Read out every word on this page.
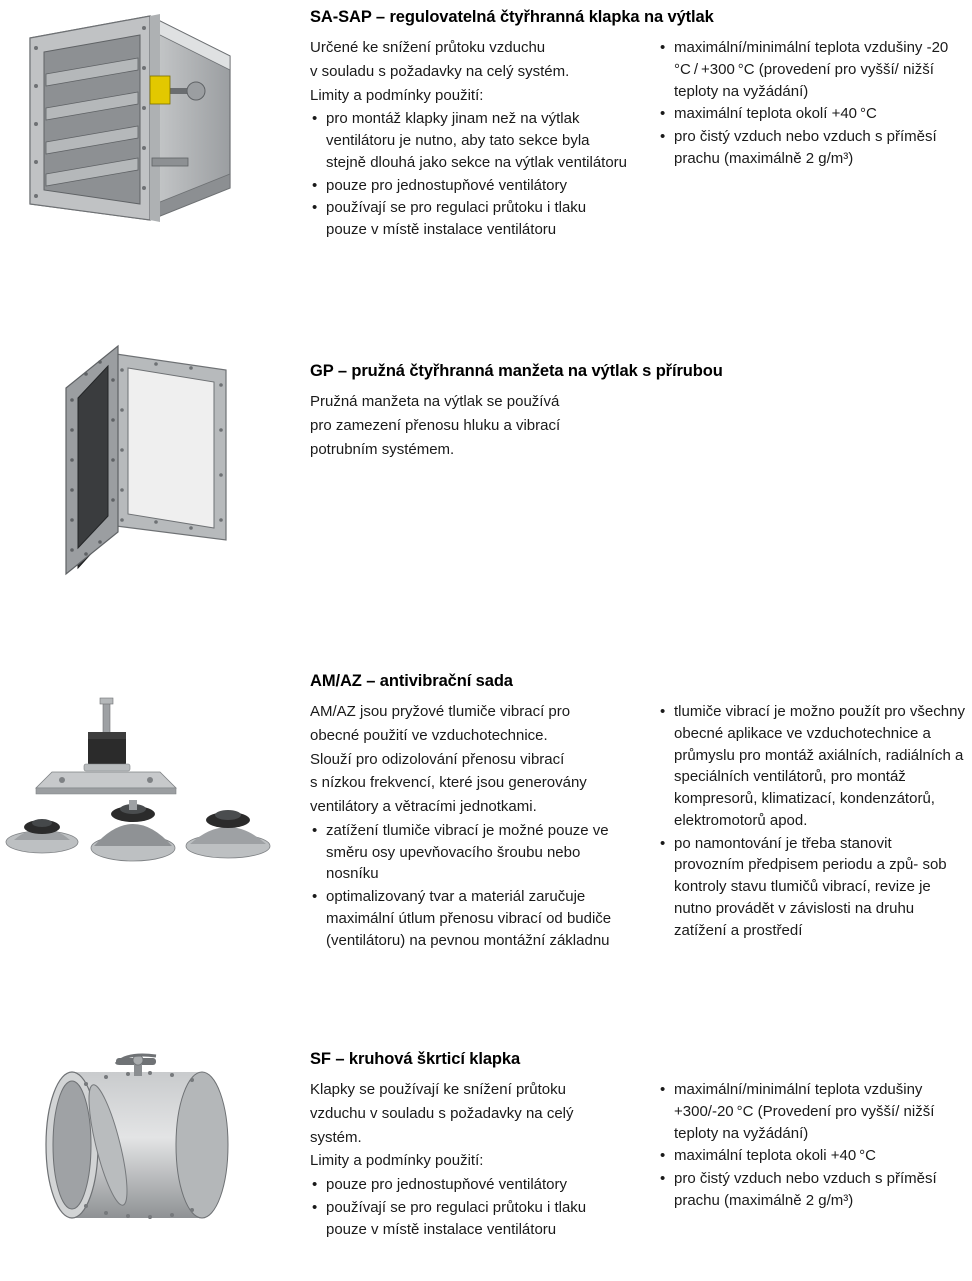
SA-SAP – regulovatelná čtyřhranná klapka na výtlak

Určené ke snížení průtoku vzduchu

v souladu s požadavky na celý systém.

Limity a podmínky použití:

• pro montáž klapky jinam než na výtlak ventilátoru je nutno, aby tato sekce byla stejně dlouhá jako sekce na výtlak ventilátoru
• pouze pro jednostupňové ventilátory
• používají se pro regulaci průtoku i tlaku pouze v místě instalace ventilátoru
• maximální/minimální teplota vzdušiny -20 °C / +300 °C (provedení pro vyšší/ nižší teploty na vyžádání)
• maximální teplota okolí +40 °C
• pro čistý vzduch nebo vzduch s příměsí prachu (maximálně 2 g/m³)
GP – pružná čtyřhranná manžeta na výtlak s přírubou

Pružná manžeta na výtlak se používá

pro zamezení přenosu hluku a vibrací

potrubním systémem.

AM/AZ – antivibrační sada

AM/AZ jsou pryžové tlumiče vibrací pro

obecné použití ve vzduchotechnice.

Slouží pro odizolování přenosu vibrací

s nízkou frekvencí, které jsou generovány

ventilátory a větracími jednotkami.

• zatížení tlumiče vibrací je možné pouze ve směru osy upevňovacího šroubu nebo nosníku
• optimalizovaný tvar a materiál zaručuje maximální útlum přenosu vibrací od budiče (ventilátoru) na pevnou montážní základnu
• tlumiče vibrací je možno použít pro všechny obecné aplikace ve vzduchotechnice a průmyslu pro montáž axiálních, radiálních a speciálních ventilátorů, pro montáž kompresorů, klimatizací, kondenzátorů, elektromotorů apod.
• po namontování je třeba stanovit provozním předpisem periodu a způ- sob kontroly stavu tlumičů vibrací, revize je nutno provádět v závislosti na druhu zatížení a prostředí
SF – kruhová škrticí klapka

Klapky se používají ke snížení průtoku

vzduchu v souladu s požadavky na celý

systém.

Limity a podmínky použití:

• pouze pro jednostupňové ventilátory
• používají se pro regulaci průtoku i tlaku pouze v místě instalace ventilátoru
• maximální/minimální teplota vzdušiny +300/-20 °C (Provedení pro vyšší/ nižší teploty na vyžádání)
• maximální teplota okoli +40 °C
• pro čistý vzduch nebo vzduch s příměsí prachu (maximálně 2 g/m³)
